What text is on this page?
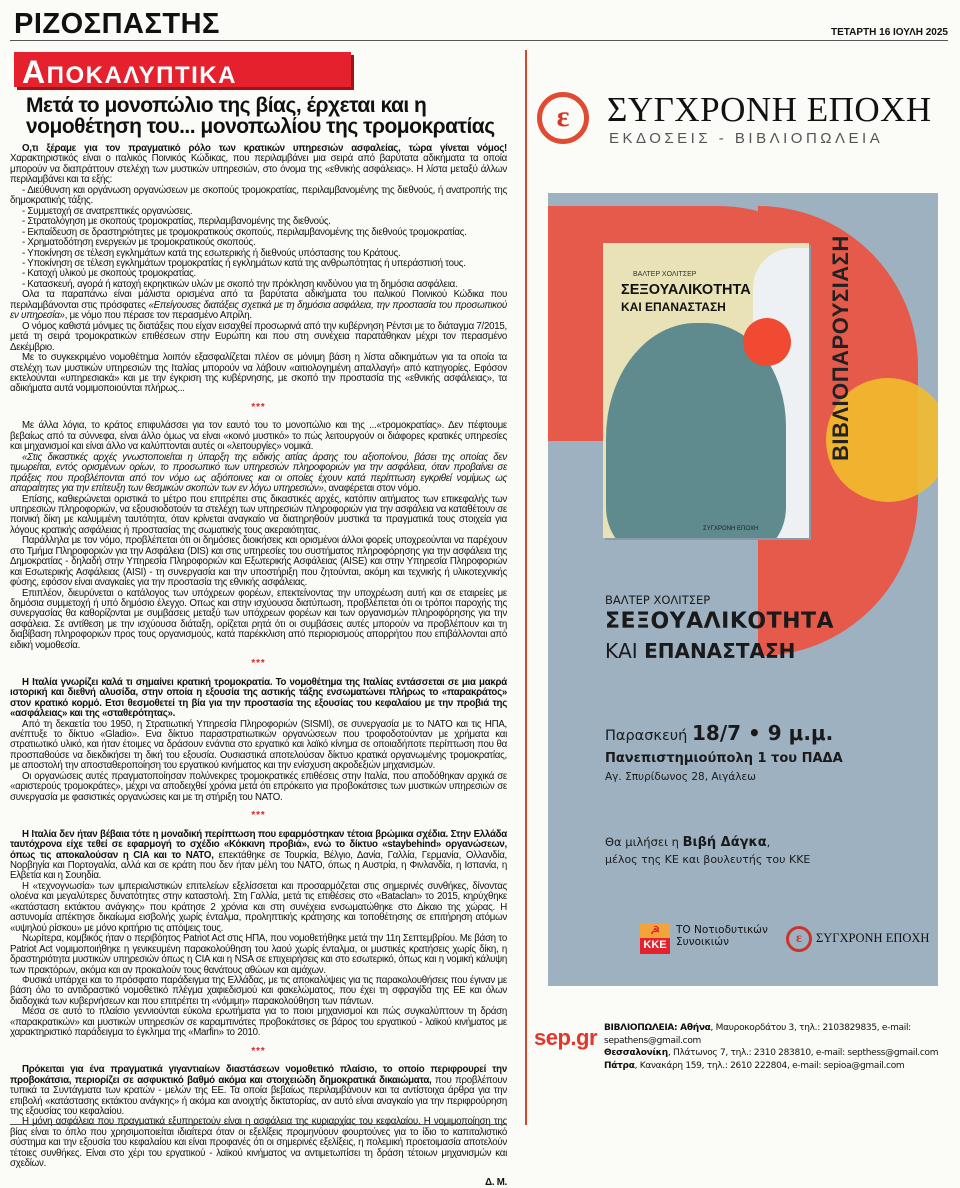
ΡΙΖΟΣΠΑΣΤΗΣ	ΤΕΤΑΡΤΗ 16 ΙΟΥΛΗ 2025
ΑΠΟΚΑΛΥΠΤΙΚΑ
Μετά το μονοπώλιο της βίας, έρχεται και η νομοθέτηση του... μονοπωλίου της τρομοκρατίας

Ο,τι ξέραμε για τον πραγματικό ρόλο των κρατικών υπηρεσιών ασφαλείας, τώρα γίνεται νόμος! Χαρακτηριστικός είναι ο ιταλικός Ποινικός Κώδικας, που περιλαμβάνει μια σειρά από βαρύτατα αδικήματα τα οποία μπορούν να διαπράττουν στελέχη των μυστικών υπηρεσιών, στο όνομα της «εθνικής ασφάλειας». Η λίστα μεταξύ άλλων περιλαμβάνει και τα εξής:

- Διεύθυνση και οργάνωση οργανώσεων με σκοπούς τρομοκρατίας, περιλαμβανομένης της διεθνούς, ή ανατροπής της δημοκρατικής τάξης.

- Συμμετοχή σε ανατρεπτικές οργανώσεις.

- Στρατολόγηση με σκοπούς τρομοκρατίας, περιλαμβανομένης της διεθνούς.

- Εκπαίδευση σε δραστηριότητες με τρομοκρατικούς σκοπούς, περιλαμβανομένης της διεθνούς τρομοκρατίας.

- Χρηματοδότηση ενεργειών με τρομοκρατικούς σκοπούς.

- Υποκίνηση σε τέλεση εγκλημάτων κατά της εσωτερικής ή διεθνούς υπόστασης του Κράτους.

- Υποκίνηση σε τέλεση εγκλημάτων τρομοκρατίας ή εγκλημάτων κατά της ανθρωπότητας ή υπεράσπισή τους.

- Κατοχή υλικού με σκοπούς τρομοκρατίας.

- Κατασκευή, αγορά ή κατοχή εκρηκτικών υλών με σκοπό την πρόκληση κινδύνου για τη δημόσια ασφάλεια.

Ολα τα παραπάνω είναι μάλιστα ορισμένα από τα βαρύτατα αδικήματα του ιταλικού Ποινικού Κώδικα που περιλαμβάνονται στις πρόσφατες «Επείγουσες διατάξεις σχετικά με τη δημόσια ασφάλεια, την προστασία του προσωπικού εν υπηρεσία», με νόμο που πέρασε τον περασμένο Απρίλη.

Ο νόμος καθιστά μόνιμες τις διατάξεις που είχαν εισαχθεί προσωρινά από την κυβέρνηση Ρέντσι με το διάταγμα 7/2015, μετά τη σειρά τρομοκρατικών επιθέσεων στην Ευρώπη και που στη συνέχεια παρατάθηκαν μέχρι τον περασμένο Δεκέμβριο.

Με το συγκεκριμένο νομοθέτημα λοιπόν εξασφαλίζεται πλέον σε μόνιμη βάση η λίστα αδικημάτων για τα οποία τα στελέχη των μυστικών υπηρεσιών της Ιταλίας μπορούν να λάβουν «αιτιολογημένη απαλλαγή» από κατηγορίες. Εφόσον εκτελούνται «υπηρεσιακά» και με την έγκριση της κυβέρνησης, με σκοπό την προστασία της «εθνικής ασφάλειας», τα αδικήματα αυτά νομιμοποιούνται πλήρως...

***

Με άλλα λόγια, το κράτος επιφυλάσσει για τον εαυτό του το μονοπώλιο και της ...«τρομοκρατίας». Δεν πέφτουμε βεβαίως από τα σύννεφα, είναι άλλο όμως να είναι «κοινό μυστικό» το πώς λειτουργούν οι διάφορες κρατικές υπηρεσίες και μηχανισμοί και είναι άλλο να καλύπτονται αυτές οι «λειτουργίες» νομικά.

«Στις δικαστικές αρχές γνωστοποιείται η ύπαρξη της ειδικής αιτίας άρσης του αξιοποίνου, βάσει της οποίας δεν τιμωρείται, εντός ορισμένων ορίων, το προσωπικό των υπηρεσιών πληροφοριών για την ασφάλεια, όταν προβαίνει σε πράξεις που προβλέπονται από τον νόμο ως αξιόποινες και οι οποίες έχουν κατά περίπτωση εγκριθεί νομίμως ως απαραίτητες για την επίτευξη των θεσμικών σκοπών των εν λόγω υπηρεσιών», αναφέρεται στον νόμο.

Επίσης, καθιερώνεται οριστικά το μέτρο που επιτρέπει στις δικαστικές αρχές, κατόπιν αιτήματος των επικεφαλής των υπηρεσιών πληροφοριών, να εξουσιοδοτούν τα στελέχη των υπηρεσιών πληροφοριών για την ασφάλεια να καταθέτουν σε ποινική δίκη με καλυμμένη ταυτότητα, όταν κρίνεται αναγκαίο να διατηρηθούν μυστικά τα πραγματικά τους στοιχεία για λόγους κρατικής ασφάλειας ή προστασίας της σωματικής τους ακεραιότητας.

Παράλληλα με τον νόμο, προβλέπεται ότι οι δημόσιες διοικήσεις και ορισμένοι άλλοι φορείς υποχρεούνται να παρέχουν στο Τμήμα Πληροφοριών για την Ασφάλεια (DIS) και στις υπηρεσίες του συστήματος πληροφόρησης για την ασφάλεια της Δημοκρατίας - δηλαδή στην Υπηρεσία Πληροφοριών και Εξωτερικής Ασφάλειας (AISE) και στην Υπηρεσία Πληροφοριών και Εσωτερικής Ασφάλειας (AISI) - τη συνεργασία και την υποστήριξη που ζητούνται, ακόμη και τεχνικής ή υλικοτεχνικής φύσης, εφόσον είναι αναγκαίες για την προστασία της εθνικής ασφάλειας.

Επιπλέον, διευρύνεται ο κατάλογος των υπόχρεων φορέων, επεκτείνοντας την υποχρέωση αυτή και σε εταιρείες με δημόσια συμμετοχή ή υπό δημόσιο έλεγχο. Οπως και στην ισχύουσα διατύπωση, προβλέπεται ότι οι τρόποι παροχής της συνεργασίας θα καθορίζονται με συμβάσεις μεταξύ των υπόχρεων φορέων και των οργανισμών πληροφόρησης για την ασφάλεια. Σε αντίθεση με την ισχύουσα διάταξη, ορίζεται ρητά ότι οι συμβάσεις αυτές μπορούν να προβλέπουν και τη διαβίβαση πληροφοριών προς τους οργανισμούς, κατά παρέκκλιση από περιορισμούς απορρήτου που επιβάλλονται από ειδική νομοθεσία.

***

Η Ιταλία γνωρίζει καλά τι σημαίνει κρατική τρομοκρατία. Το νομοθέτημα της Ιταλίας εντάσσεται σε μια μακρά ιστορική και διεθνή αλυσίδα, στην οποία η εξουσία της αστικής τάξης ενσωματώνει πλήρως το «παρακράτος» στον κρατικό κορμό. Ετσι θεσμοθετεί τη βία για την προστασία της εξουσίας του κεφαλαίου με την προβιά της «ασφάλειας» και της «σταθερότητας».

Από τη δεκαετία του 1950, η Στρατιωτική Υπηρεσία Πληροφοριών (SISMI), σε συνεργασία με το ΝΑΤΟ και τις ΗΠΑ, ανέπτυξε το δίκτυο «Gladio». Ενα δίκτυο παραστρατιωτικών οργανώσεων που τροφοδοτούνταν με χρήματα και στρατιωτικό υλικό, και ήταν έτοιμες να δράσουν ενάντια στο εργατικό και λαϊκό κίνημα σε οποιαδήποτε περίπτωση που θα προσπαθούσε να διεκδικήσει τη δική του εξουσία. Ουσιαστικά αποτελούσαν δίκτυο κρατικά οργανωμένης τρομοκρατίας, με αποστολή την αποσταθεροποίηση του εργατικού κινήματος και την ενίσχυση ακροδεξιών μηχανισμών.

Οι οργανώσεις αυτές πραγματοποίησαν πολύνεκρες τρομοκρατικές επιθέσεις στην Ιταλία, που αποδόθηκαν αρχικά σε «αριστερούς τρομοκράτες», μέχρι να αποδειχθεί χρόνια μετά ότι επρόκειτο για προβοκάτσιες των μυστικών υπηρεσιών σε συνεργασία με φασιστικές οργανώσεις και με τη στήριξη του ΝΑΤΟ.

***

Η Ιταλία δεν ήταν βέβαια τότε η μοναδική περίπτωση που εφαρμόστηκαν τέτοια βρώμικα σχέδια. Στην Ελλάδα ταυτόχρονα είχε τεθεί σε εφαρμογή το σχέδιο «Κόκκινη προβιά», ενώ το δίκτυο «staybehind» οργανώσεων, όπως τις αποκαλούσαν η CIA και το ΝΑΤΟ, επεκτάθηκε σε Τουρκία, Βέλγιο, Δανία, Γαλλία, Γερμανία, Ολλανδία, Νορβηγία και Πορτογαλία, αλλά και σε κράτη που δεν ήταν μέλη του ΝΑΤΟ, όπως η Αυστρία, η Φινλανδία, η Ισπανία, η Ελβετία και η Σουηδία.

Η «τεχνογνωσία» των ιμπεριαλιστικών επιτελείων εξελίσσεται και προσαρμόζεται στις σημερινές συνθήκες, δίνοντας ολοένα και μεγαλύτερες δυνατότητες στην καταστολή. Στη Γαλλία, μετά τις επιθέσεις στο «Bataclan» το 2015, κηρύχθηκε «κατάσταση εκτάκτου ανάγκης» που κράτησε 2 χρόνια και στη συνέχεια ενσωματώθηκε στο Δίκαιο της χώρας. Η αστυνομία απέκτησε δικαίωμα εισβολής χωρίς ένταλμα, προληπτικής κράτησης και τοποθέτησης σε επιτήρηση ατόμων «υψηλού ρίσκου» με μόνο κριτήριο τις απόψεις τους.

Νωρίτερα, κομβικός ήταν ο περιβόητος Patriot Act στις ΗΠΑ, που νομοθετήθηκε μετά την 11η Σεπτεμβρίου. Με βάση το Patriot Act νομιμοποιήθηκε η γενικευμένη παρακολούθηση του λαού χωρίς ένταλμα, οι μυστικές κρατήσεις χωρίς δίκη, η δραστηριότητα μυστικών υπηρεσιών όπως η CIA και η NSA σε επιχειρήσεις και στο εσωτερικό, όπως και η νομική κάλυψη των πρακτόρων, ακόμα και αν προκαλούν τους θανάτους αθώων και αμάχων.

Φυσικά υπάρχει και το πρόσφατο παράδειγμα της Ελλάδας, με τις αποκαλύψεις για τις παρακολουθήσεις που έγιναν με βάση όλο το αντιδραστικό νομοθετικό πλέγμα χαφιεδισμού και φακελώματος, που έχει τη σφραγίδα της ΕΕ και όλων διαδοχικά των κυβερνήσεων και που επιτρέπει τη «νόμιμη» παρακολούθηση των πάντων.

Μέσα σε αυτό το πλαίσιο γεννιούνται εύκολα ερωτήματα για το ποιοι μηχανισμοί και πώς συγκαλύπτουν τη δράση «παρακρατικών» και μυστικών υπηρεσιών σε καραμπινάτες προβοκάτσιες σε βάρος του εργατικού - λαϊκού κινήματος με χαρακτηριστικό παράδειγμα το έγκλημα της «Marfin» το 2010.

***

Πρόκειται για ένα πραγματικά γιγαντιαίων διαστάσεων νομοθετικό πλαίσιο, το οποίο περιφρουρεί την προβοκάτσια, περιορίζει σε ασφυκτικό βαθμό ακόμα και στοιχειώδη δημοκρατικά δικαιώματα, που προβλέπουν τυπικά τα Συντάγματα των κρατών - μελών της ΕΕ. Τα οποία βεβαίως περιλαμβάνουν και τα αντίστοιχα άρθρα για την επιβολή «κατάστασης εκτάκτου ανάγκης» ή ακόμα και ανοιχτής δικτατορίας, αν αυτό είναι αναγκαίο για την περιφρούρηση της εξουσίας του κεφαλαίου.

Η μόνη ασφάλεια που πραγματικά εξυπηρετούν είναι η ασφάλεια της κυριαρχίας του κεφαλαίου. Η νομιμοποίηση της βίας είναι το όπλο που χρησιμοποιείται ιδιαίτερα όταν οι εξελίξεις προμηνύουν φουρτούνες για το ίδιο το καπιταλιστικό σύστημα και την εξουσία του κεφαλαίου και είναι προφανές ότι οι σημερινές εξελίξεις, η πολεμική προετοιμασία αποτελούν τέτοιες συνθήκες. Είναι στο χέρι του εργατικού - λαϊκού κινήματος να αντιμετωπίσει τη δράση τέτοιων μηχανισμών και σχεδίων.

Δ. Μ.
ε	ΣΥΓΧΡΟΝΗ ΕΠΟΧΗ
ΕΚΔΟΣΕΙΣ - ΒΙΒΛΙΟΠΩΛΕΙΑ
ΒΙΒΛΙΟΠΑΡΟΥΣΙΑΣΗ
ΒΑΛΤΕΡ ΧΟΛΙΤΣΕΡ
ΣΕΞΟΥΑΛΙΚΟΤΗΤΑ
ΚΑΙ ΕΠΑΝΑΣΤΑΣΗ
ΣΥΓΧΡΟΝΗ ΕΠΟΧΗ
ΒΑΛΤΕΡ ΧΟΛΙΤΣΕΡ
ΣΕΞΟΥΑΛΙΚΟΤΗΤΑ
ΚΑΙ ΕΠΑΝΑΣΤΑΣΗ
Παρασκευή 18/7 • 9 μ.μ.
Πανεπιστημιούπολη 1 του ΠΑΔΑ
Αγ. Σπυρίδωνος 28, Αιγάλεω
Θα μιλήσει η Βιβή Δάγκα,
μέλος της ΚΕ και βουλευτής του ΚΚΕ
☭
ΚΚΕ
ΤΟ Νοτιοδυτικών Συνοικιών	ε	ΣΥΓΧΡΟΝΗ ΕΠΟΧΗ
sep.gr ΒΙΒΛΙΟΠΩΛΕΙΑ: Αθήνα, Μαυροκορδάτου 3, τηλ.: 2103829835, e-mail: sepathens@gmail.com
Θεσσαλονίκη, Πλάτωνος 7, τηλ.: 2310 283810, e-mail: septhess@gmail.com
Πάτρα, Κανακάρη 159, τηλ.: 2610 222804, e-mail: sepioa@gmail.com
